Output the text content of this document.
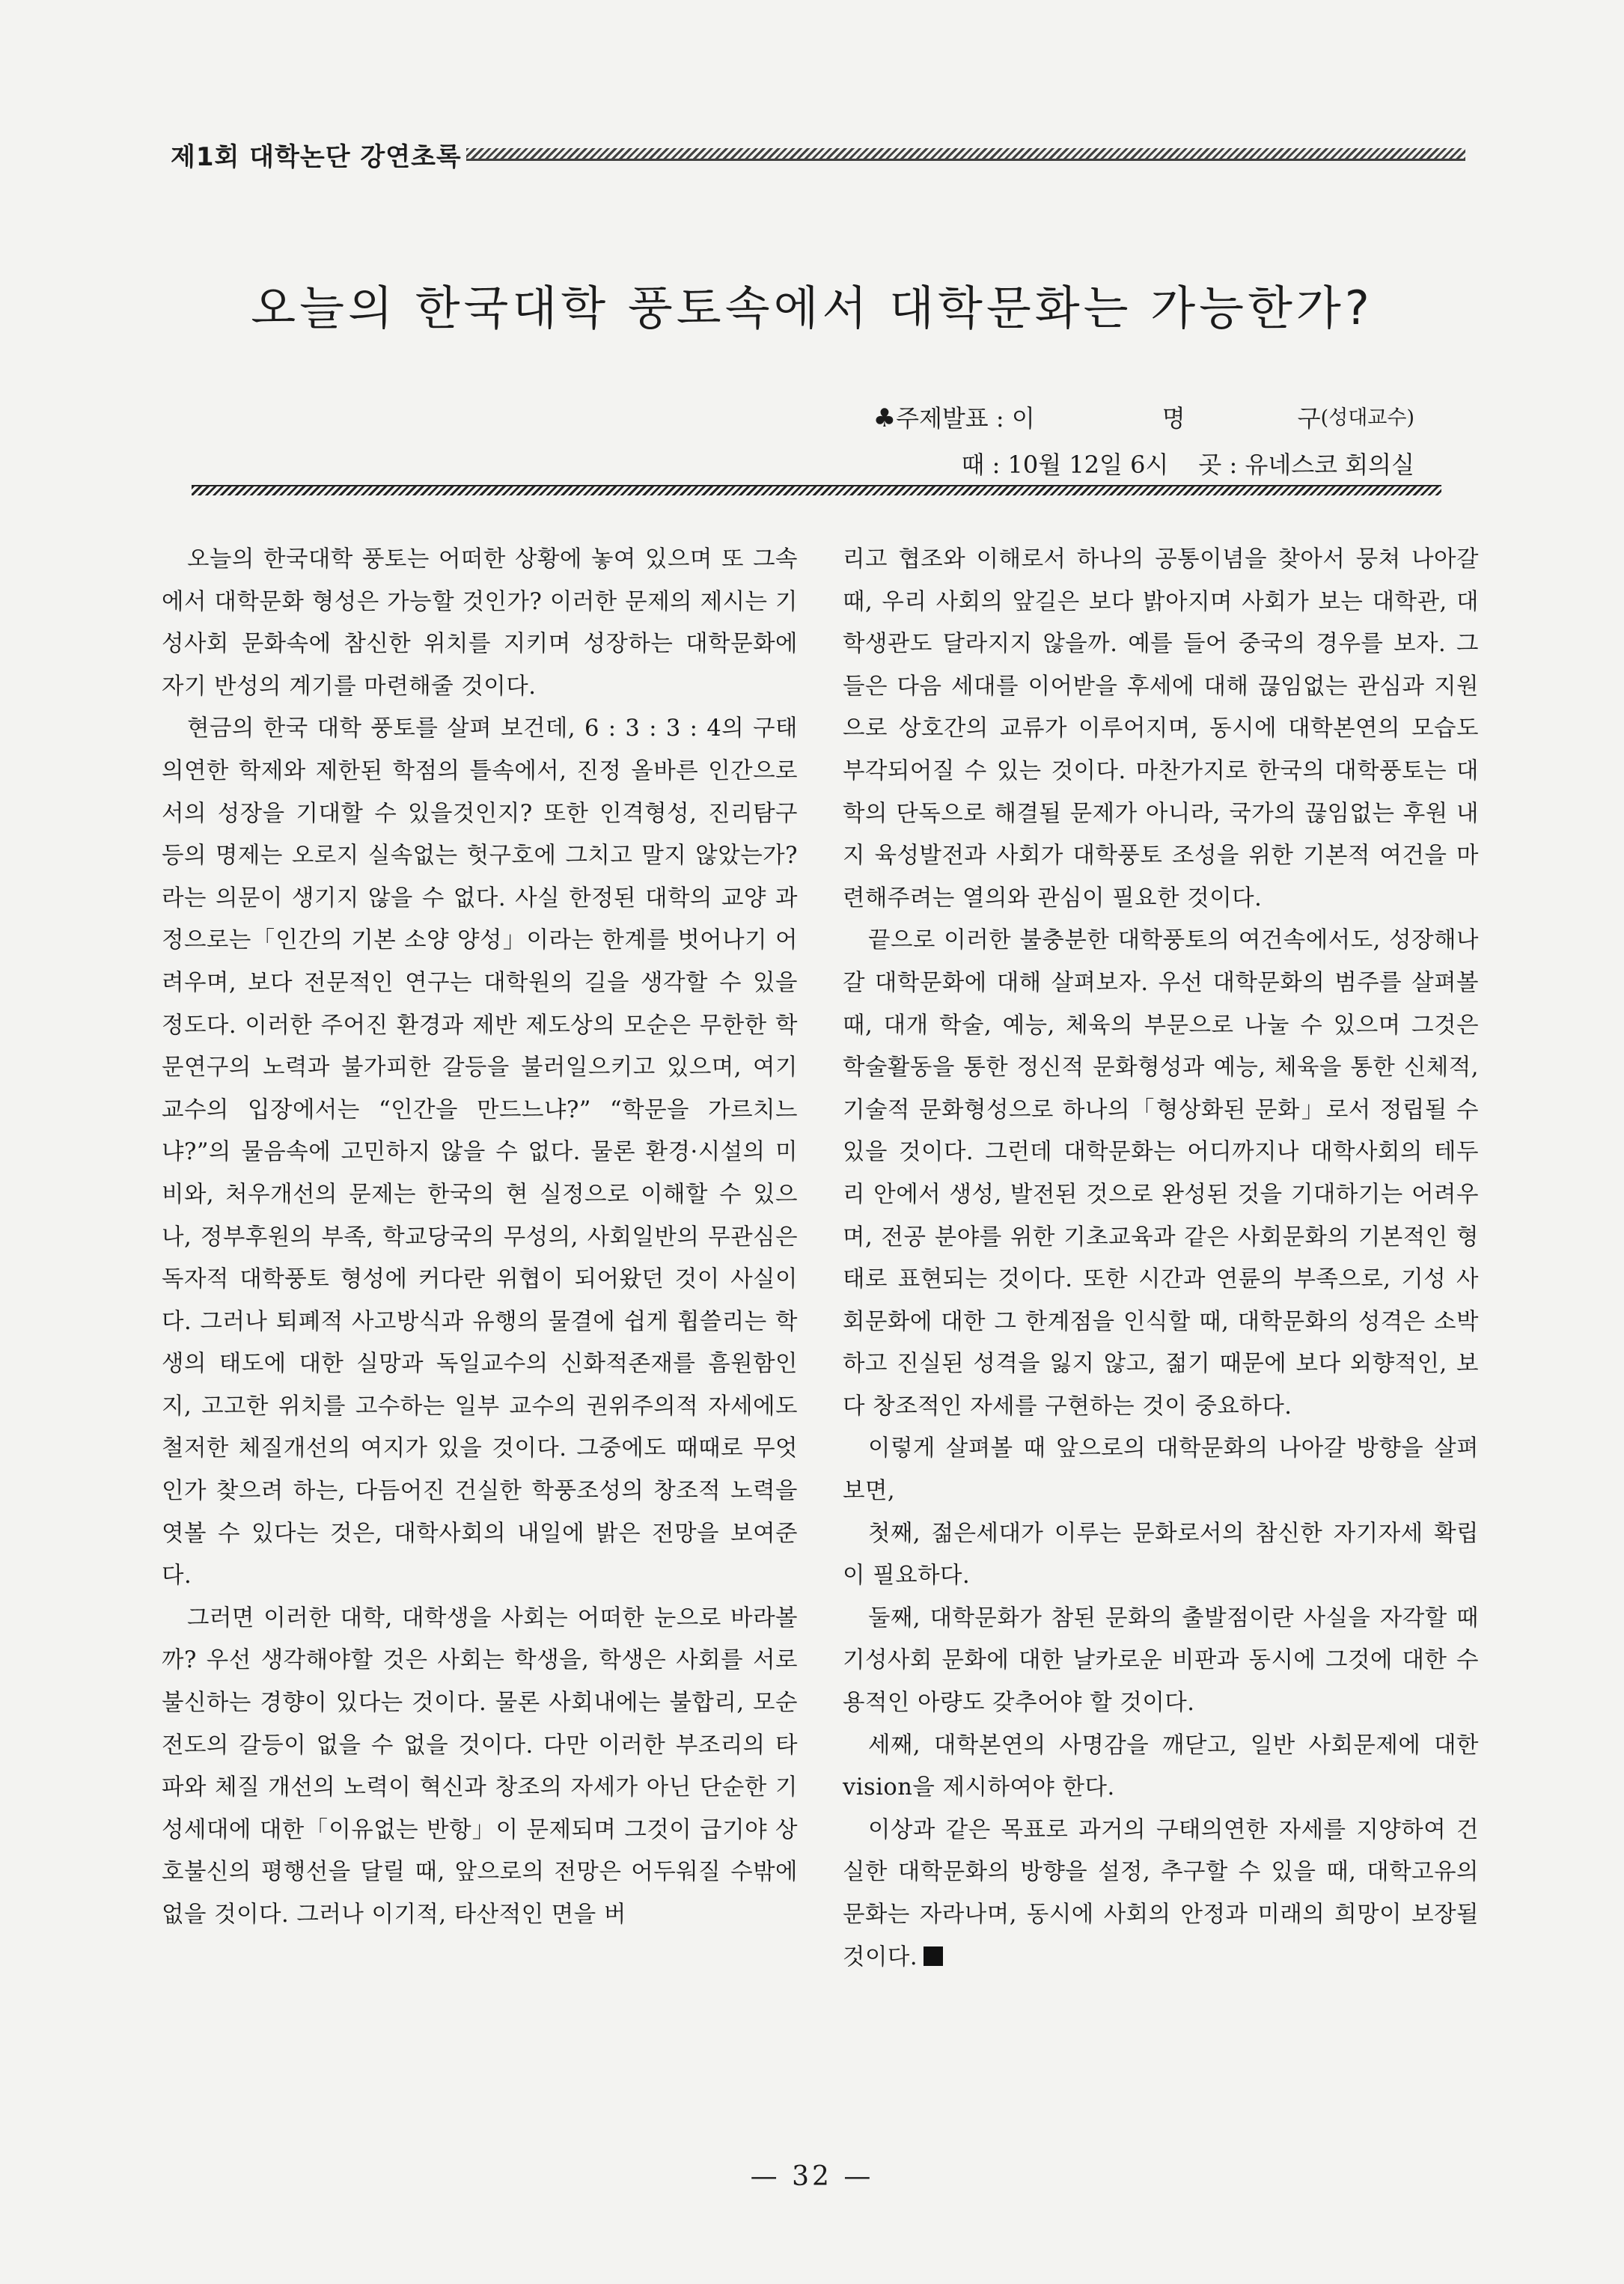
제1회 대학논단 강연초록
오늘의 한국대학 풍토속에서 대학문화는 가능한가?
♣ 주제발표 : 이	명	구 (성대교수)
때 : 10월 12일 6시 곳 : 유네스코 회의실

오늘의 한국대학 풍토는 어떠한 상황에 놓여 있으며 또 그속에서 대학문화 형성은 가능할 것인가? 이러한 문제의 제시는 기성사회 문화속에 참신한 위치를 지키며 성장하는 대학문화에 자기 반성의 계기를 마련해줄 것이다.

현금의 한국 대학 풍토를 살펴 보건데, 6 : 3 : 3 : 4의 구태의연한 학제와 제한된 학점의 틀속에서, 진정 올바른 인간으로서의 성장을 기대할 수 있을것인지? 또한 인격형성, 진리탐구 등의 명제는 오로지 실속없는 헛구호에 그치고 말지 않았는가? 라는 의문이 생기지 않을 수 없다. 사실 한정된 대학의 교양 과정으로는「인간의 기본 소양 양성」이라는 한계를 벗어나기 어려우며, 보다 전문적인 연구는 대학원의 길을 생각할 수 있을 정도다. 이러한 주어진 환경과 제반 제도상의 모순은 무한한 학문연구의 노력과 불가피한 갈등을 불러일으키고 있으며, 여기 교수의 입장에서는 “인간을 만드느냐?” “학문을 가르치느냐?”의 물음속에 고민하지 않을 수 없다. 물론 환경·시설의 미비와, 처우개선의 문제는 한국의 현 실정으로 이해할 수 있으나, 정부후원의 부족, 학교당국의 무성의, 사회일반의 무관심은 독자적 대학풍토 형성에 커다란 위협이 되어왔던 것이 사실이다. 그러나 퇴폐적 사고방식과 유행의 물결에 쉽게 휩쓸리는 학생의 태도에 대한 실망과 독일교수의 신화적존재를 흠원함인지, 고고한 위치를 고수하는 일부 교수의 권위주의적 자세에도 철저한 체질개선의 여지가 있을 것이다. 그중에도 때때로 무엇인가 찾으려 하는, 다듬어진 건실한 학풍조성의 창조적 노력을 엿볼 수 있다는 것은, 대학사회의 내일에 밝은 전망을 보여준다.

그러면 이러한 대학, 대학생을 사회는 어떠한 눈으로 바라볼까? 우선 생각해야할 것은 사회는 학생을, 학생은 사회를 서로 불신하는 경향이 있다는 것이다. 물론 사회내에는 불합리, 모순 전도의 갈등이 없을 수 없을 것이다. 다만 이러한 부조리의 타파와 체질 개선의 노력이 혁신과 창조의 자세가 아닌 단순한 기성세대에 대한「이유없는 반항」이 문제되며 그것이 급기야 상호불신의 평행선을 달릴 때, 앞으로의 전망은 어두워질 수밖에 없을 것이다. 그러나 이기적, 타산적인 면을 버

리고 협조와 이해로서 하나의 공통이념을 찾아서 뭉쳐 나아갈 때, 우리 사회의 앞길은 보다 밝아지며 사회가 보는 대학관, 대학생관도 달라지지 않을까. 예를 들어 중국의 경우를 보자. 그들은 다음 세대를 이어받을 후세에 대해 끊임없는 관심과 지원으로 상호간의 교류가 이루어지며, 동시에 대학본연의 모습도 부각되어질 수 있는 것이다. 마찬가지로 한국의 대학풍토는 대학의 단독으로 해결될 문제가 아니라, 국가의 끊임없는 후원 내지 육성발전과 사회가 대학풍토 조성을 위한 기본적 여건을 마련해주려는 열의와 관심이 필요한 것이다.

끝으로 이러한 불충분한 대학풍토의 여건속에서도, 성장해나갈 대학문화에 대해 살펴보자. 우선 대학문화의 범주를 살펴볼 때, 대개 학술, 예능, 체육의 부문으로 나눌 수 있으며 그것은 학술활동을 통한 정신적 문화형성과 예능, 체육을 통한 신체적, 기술적 문화형성으로 하나의「형상화된 문화」로서 정립될 수 있을 것이다. 그런데 대학문화는 어디까지나 대학사회의 테두리 안에서 생성, 발전된 것으로 완성된 것을 기대하기는 어려우며, 전공 분야를 위한 기초교육과 같은 사회문화의 기본적인 형태로 표현되는 것이다. 또한 시간과 연륜의 부족으로, 기성 사회문화에 대한 그 한계점을 인식할 때, 대학문화의 성격은 소박하고 진실된 성격을 잃지 않고, 젊기 때문에 보다 외향적인, 보다 창조적인 자세를 구현하는 것이 중요하다.

이렇게 살펴볼 때 앞으로의 대학문화의 나아갈 방향을 살펴보면,

첫째, 젊은세대가 이루는 문화로서의 참신한 자기자세 확립이 필요하다.

둘째, 대학문화가 참된 문화의 출발점이란 사실을 자각할 때 기성사회 문화에 대한 날카로운 비판과 동시에 그것에 대한 수용적인 아량도 갖추어야 할 것이다.

세째, 대학본연의 사명감을 깨닫고, 일반 사회문제에 대한 vision을 제시하여야 한다.

이상과 같은 목표로 과거의 구태의연한 자세를 지양하여 건실한 대학문화의 방향을 설정, 추구할 수 있을 때, 대학고유의 문화는 자라나며, 동시에 사회의 안정과 미래의 희망이 보장될 것이다.

— 32 —
